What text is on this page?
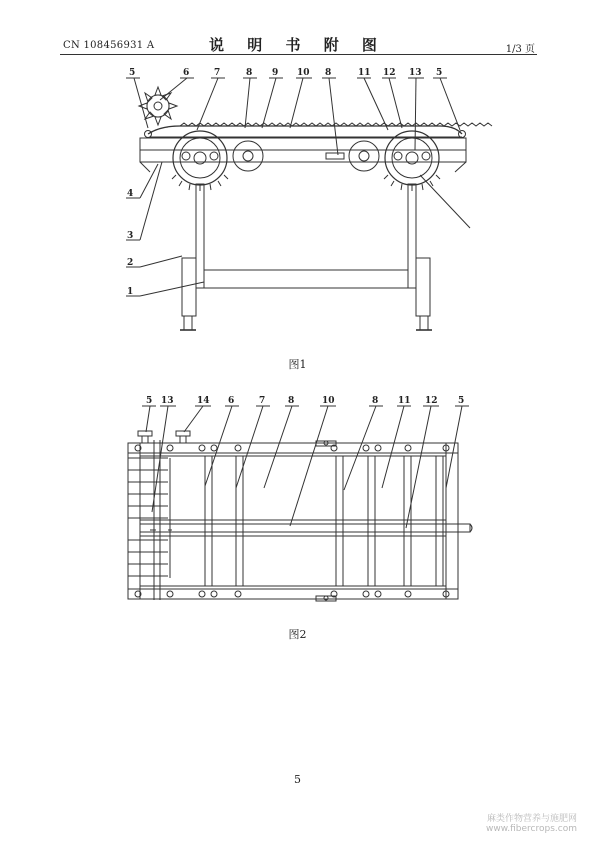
CN 108456931 A	说 明 书 附 图	1/3 页
5	6	7	8 9 10 8	11 12 13 5
4
3
2
1
图1
5 13	14 6	7	8	10	8 11 12 5
图2
5
麻类作物营养与施肥网
www.fibercrops.com
